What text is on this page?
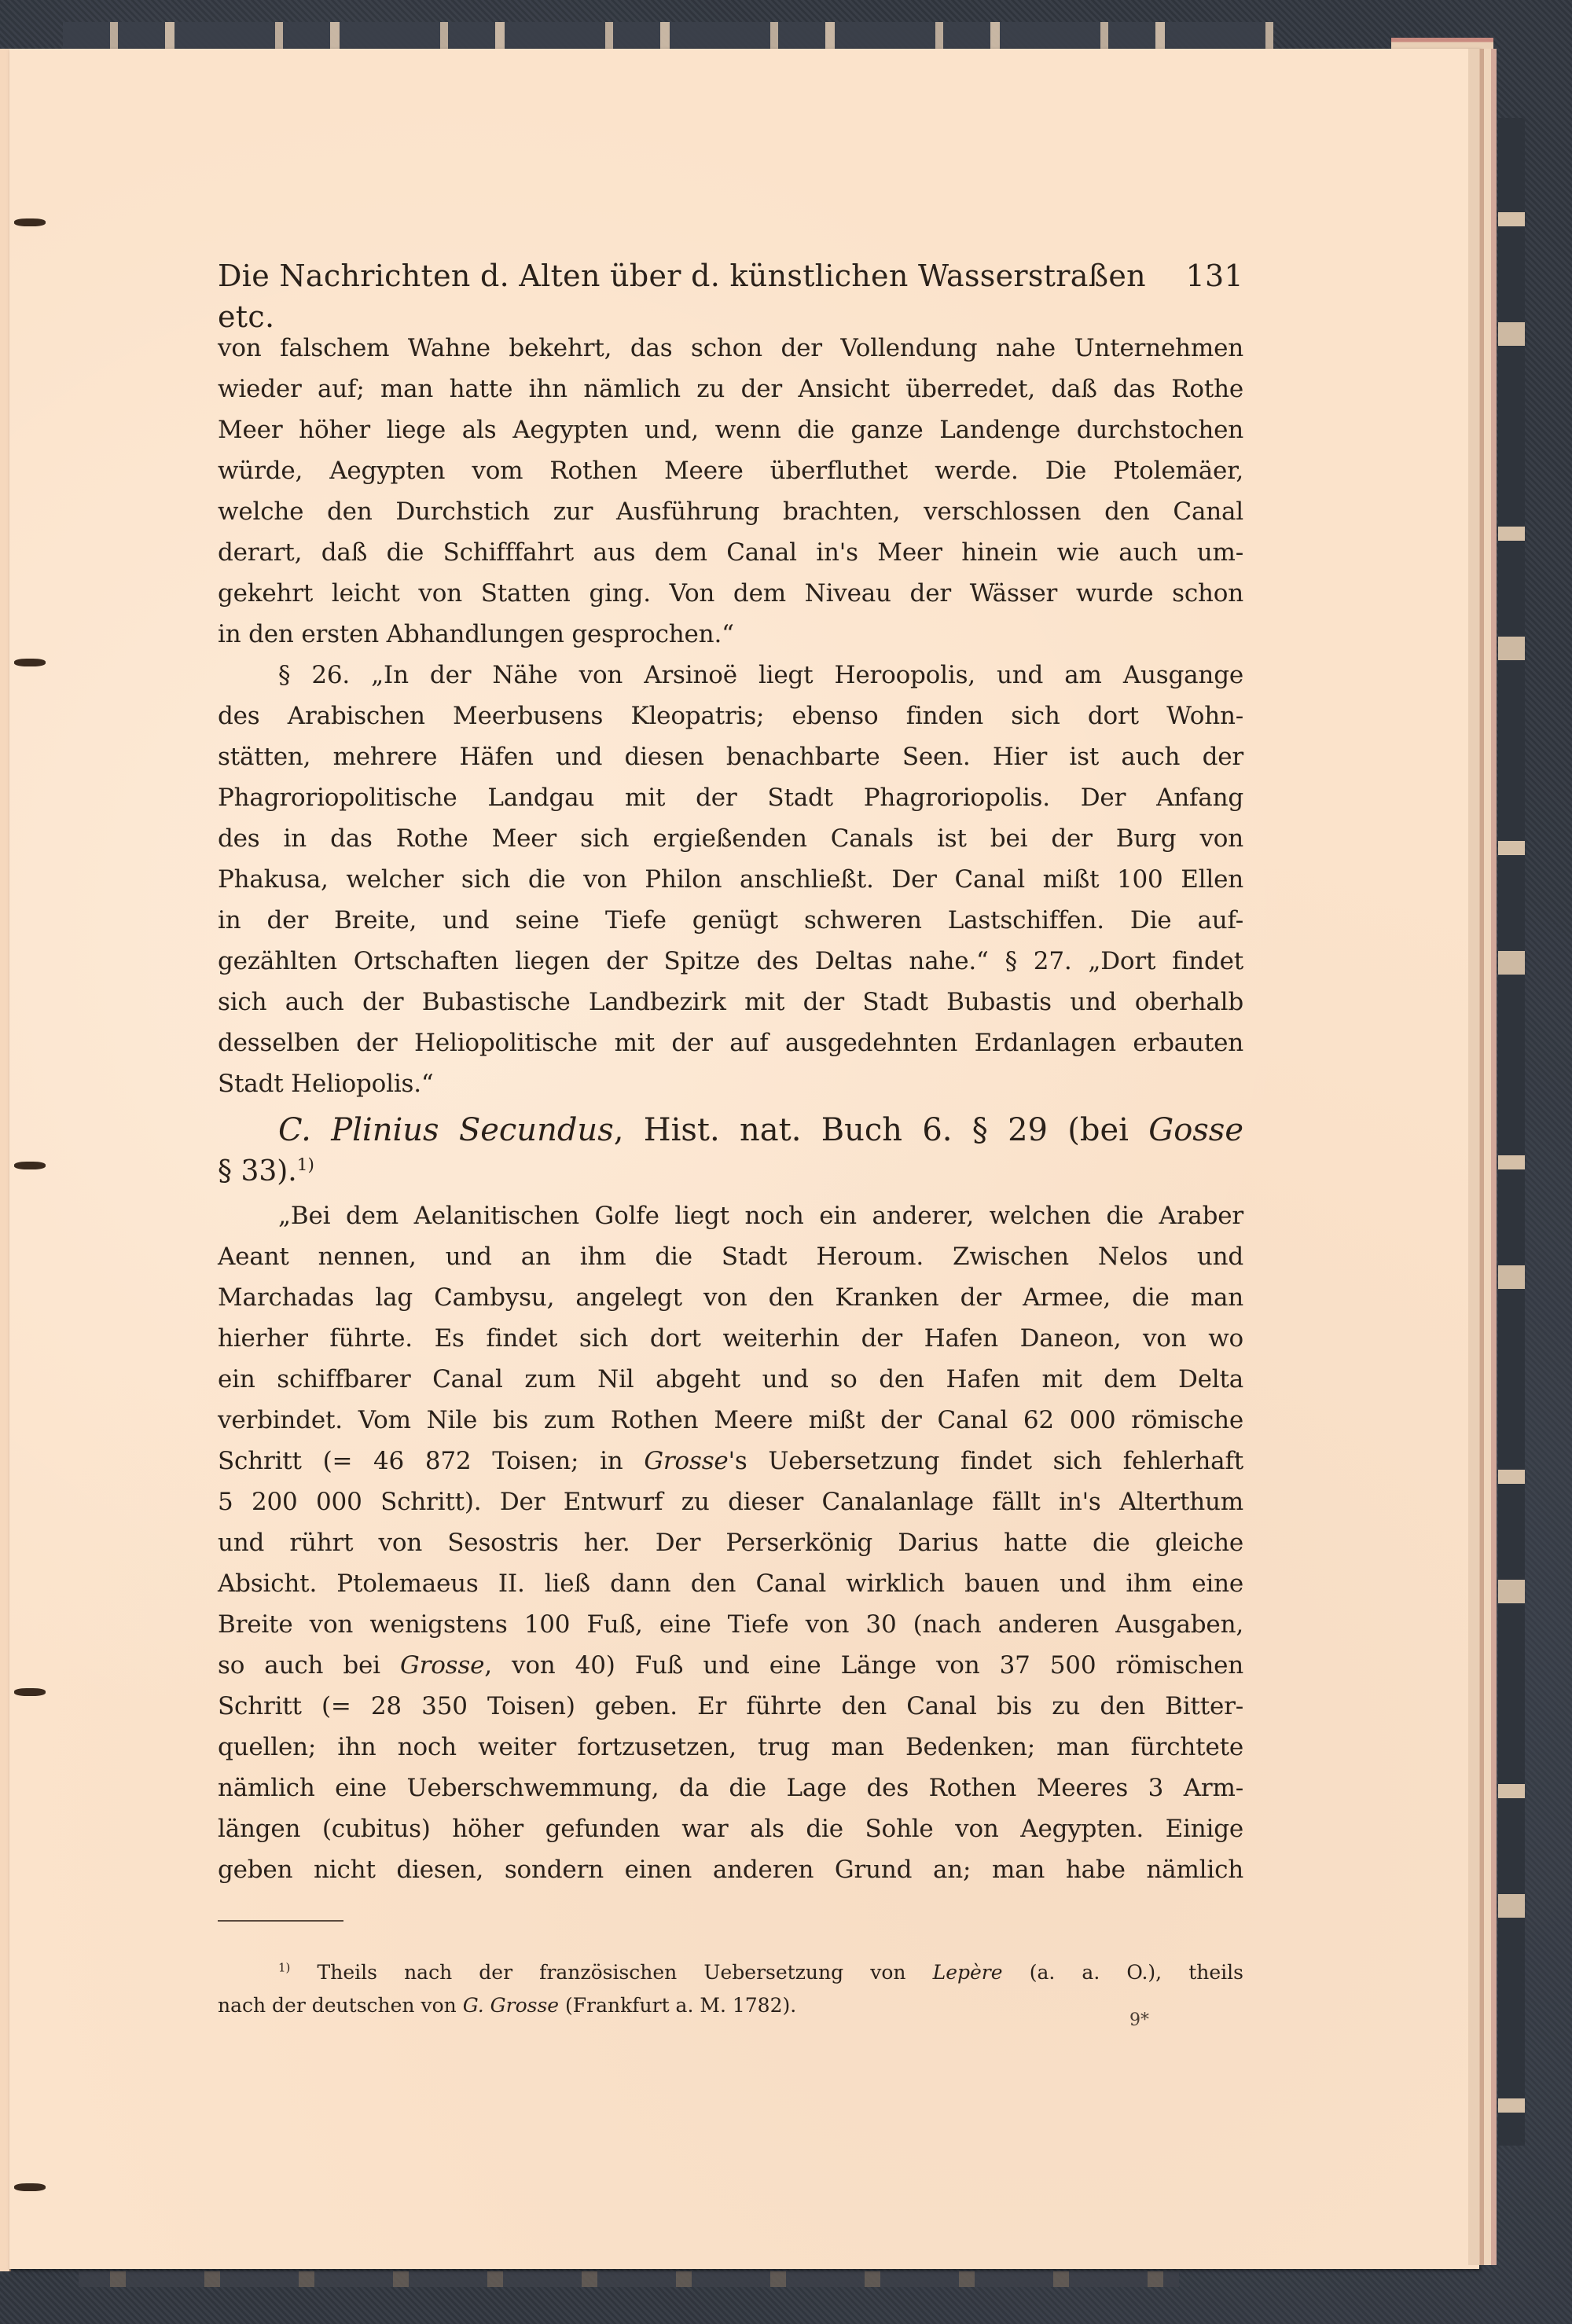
Die Nachrichten d. Alten über d. künstlichen Wasserstraßen etc.
131
von falschem Wahne bekehrt, das schon der Vollendung nahe Unternehmen
wieder auf; man hatte ihn nämlich zu der Ansicht überredet, daß das Rothe
Meer höher liege als Aegypten und, wenn die ganze Landenge durchstochen
würde, Aegypten vom Rothen Meere überfluthet werde. Die Ptolemäer,
welche den Durchstich zur Ausführung brachten, verschlossen den Canal
derart, daß die Schifffahrt aus dem Canal in's Meer hinein wie auch um-
gekehrt leicht von Statten ging. Von dem Niveau der Wässer wurde schon
in den ersten Abhandlungen gesprochen.“
§ 26. „In der Nähe von Arsinoë liegt Heroopolis, und am Ausgange
des Arabischen Meerbusens Kleopatris; ebenso finden sich dort Wohn-
stätten, mehrere Häfen und diesen benachbarte Seen. Hier ist auch der
Phagroriopolitische Landgau mit der Stadt Phagroriopolis. Der Anfang
des in das Rothe Meer sich ergießenden Canals ist bei der Burg von
Phakusa, welcher sich die von Philon anschließt. Der Canal mißt 100 Ellen
in der Breite, und seine Tiefe genügt schweren Lastschiffen. Die auf-
gezählten Ortschaften liegen der Spitze des Deltas nahe.“ § 27. „Dort findet
sich auch der Bubastische Landbezirk mit der Stadt Bubastis und oberhalb
desselben der Heliopolitische mit der auf ausgedehnten Erdanlagen erbauten
Stadt Heliopolis.“
C. Plinius Secundus, Hist. nat. Buch 6. § 29 (bei Gosse
§ 33).$^{1)}$
„Bei dem Aelanitischen Golfe liegt noch ein anderer, welchen die Araber
Aeant nennen, und an ihm die Stadt Heroum. Zwischen Nelos und
Marchadas lag Cambysu, angelegt von den Kranken der Armee, die man
hierher führte. Es findet sich dort weiterhin der Hafen Daneon, von wo
ein schiffbarer Canal zum Nil abgeht und so den Hafen mit dem Delta
verbindet. Vom Nile bis zum Rothen Meere mißt der Canal 62 000 römische
Schritt (= 46 872 Toisen; in Grosse's Uebersetzung findet sich fehlerhaft
5 200 000 Schritt). Der Entwurf zu dieser Canalanlage fällt in's Alterthum
und rührt von Sesostris her. Der Perserkönig Darius hatte die gleiche
Absicht. Ptolemaeus II. ließ dann den Canal wirklich bauen und ihm eine
Breite von wenigstens 100 Fuß, eine Tiefe von 30 (nach anderen Ausgaben,
so auch bei Grosse, von 40) Fuß und eine Länge von 37 500 römischen
Schritt (= 28 350 Toisen) geben. Er führte den Canal bis zu den Bitter-
quellen; ihn noch weiter fortzusetzen, trug man Bedenken; man fürchtete
nämlich eine Ueberschwemmung, da die Lage des Rothen Meeres 3 Arm-
längen (cubitus) höher gefunden war als die Sohle von Aegypten. Einige
geben nicht diesen, sondern einen anderen Grund an; man habe nämlich
$^{1)}$ Theils nach der französischen Uebersetzung von Lepère (a. a. O.), theils
nach der deutschen von G. Grosse (Frankfurt a. M. 1782).
9*
